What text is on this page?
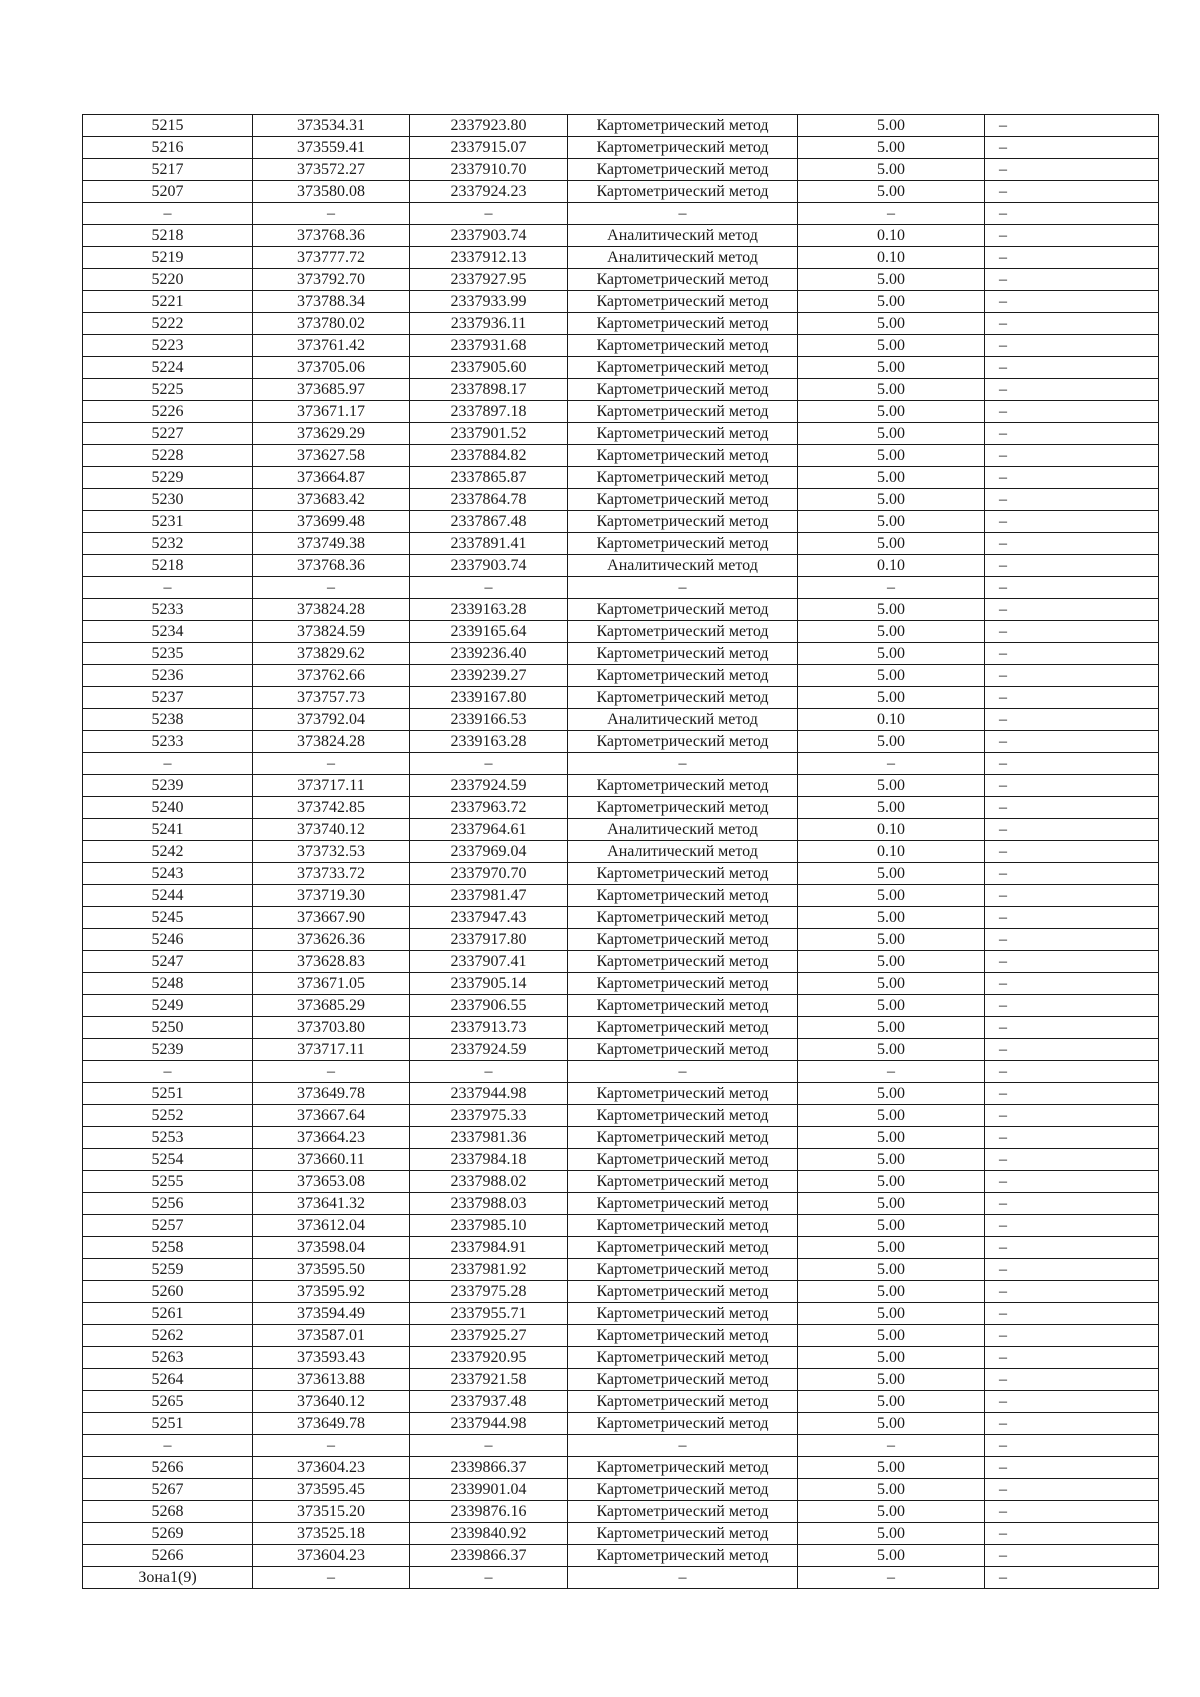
5215	373534.31	2337923.80	Картометрический метод	5.00	–
5216	373559.41	2337915.07	Картометрический метод	5.00	–
5217	373572.27	2337910.70	Картометрический метод	5.00	–
5207	373580.08	2337924.23	Картометрический метод	5.00	–
–	–	–	–	–	–
5218	373768.36	2337903.74	Аналитический метод	0.10	–
5219	373777.72	2337912.13	Аналитический метод	0.10	–
5220	373792.70	2337927.95	Картометрический метод	5.00	–
5221	373788.34	2337933.99	Картометрический метод	5.00	–
5222	373780.02	2337936.11	Картометрический метод	5.00	–
5223	373761.42	2337931.68	Картометрический метод	5.00	–
5224	373705.06	2337905.60	Картометрический метод	5.00	–
5225	373685.97	2337898.17	Картометрический метод	5.00	–
5226	373671.17	2337897.18	Картометрический метод	5.00	–
5227	373629.29	2337901.52	Картометрический метод	5.00	–
5228	373627.58	2337884.82	Картометрический метод	5.00	–
5229	373664.87	2337865.87	Картометрический метод	5.00	–
5230	373683.42	2337864.78	Картометрический метод	5.00	–
5231	373699.48	2337867.48	Картометрический метод	5.00	–
5232	373749.38	2337891.41	Картометрический метод	5.00	–
5218	373768.36	2337903.74	Аналитический метод	0.10	–
–	–	–	–	–	–
5233	373824.28	2339163.28	Картометрический метод	5.00	–
5234	373824.59	2339165.64	Картометрический метод	5.00	–
5235	373829.62	2339236.40	Картометрический метод	5.00	–
5236	373762.66	2339239.27	Картометрический метод	5.00	–
5237	373757.73	2339167.80	Картометрический метод	5.00	–
5238	373792.04	2339166.53	Аналитический метод	0.10	–
5233	373824.28	2339163.28	Картометрический метод	5.00	–
–	–	–	–	–	–
5239	373717.11	2337924.59	Картометрический метод	5.00	–
5240	373742.85	2337963.72	Картометрический метод	5.00	–
5241	373740.12	2337964.61	Аналитический метод	0.10	–
5242	373732.53	2337969.04	Аналитический метод	0.10	–
5243	373733.72	2337970.70	Картометрический метод	5.00	–
5244	373719.30	2337981.47	Картометрический метод	5.00	–
5245	373667.90	2337947.43	Картометрический метод	5.00	–
5246	373626.36	2337917.80	Картометрический метод	5.00	–
5247	373628.83	2337907.41	Картометрический метод	5.00	–
5248	373671.05	2337905.14	Картометрический метод	5.00	–
5249	373685.29	2337906.55	Картометрический метод	5.00	–
5250	373703.80	2337913.73	Картометрический метод	5.00	–
5239	373717.11	2337924.59	Картометрический метод	5.00	–
–	–	–	–	–	–
5251	373649.78	2337944.98	Картометрический метод	5.00	–
5252	373667.64	2337975.33	Картометрический метод	5.00	–
5253	373664.23	2337981.36	Картометрический метод	5.00	–
5254	373660.11	2337984.18	Картометрический метод	5.00	–
5255	373653.08	2337988.02	Картометрический метод	5.00	–
5256	373641.32	2337988.03	Картометрический метод	5.00	–
5257	373612.04	2337985.10	Картометрический метод	5.00	–
5258	373598.04	2337984.91	Картометрический метод	5.00	–
5259	373595.50	2337981.92	Картометрический метод	5.00	–
5260	373595.92	2337975.28	Картометрический метод	5.00	–
5261	373594.49	2337955.71	Картометрический метод	5.00	–
5262	373587.01	2337925.27	Картометрический метод	5.00	–
5263	373593.43	2337920.95	Картометрический метод	5.00	–
5264	373613.88	2337921.58	Картометрический метод	5.00	–
5265	373640.12	2337937.48	Картометрический метод	5.00	–
5251	373649.78	2337944.98	Картометрический метод	5.00	–
–	–	–	–	–	–
5266	373604.23	2339866.37	Картометрический метод	5.00	–
5267	373595.45	2339901.04	Картометрический метод	5.00	–
5268	373515.20	2339876.16	Картометрический метод	5.00	–
5269	373525.18	2339840.92	Картометрический метод	5.00	–
5266	373604.23	2339866.37	Картометрический метод	5.00	–
Зона1(9)	–	–	–	–	–
